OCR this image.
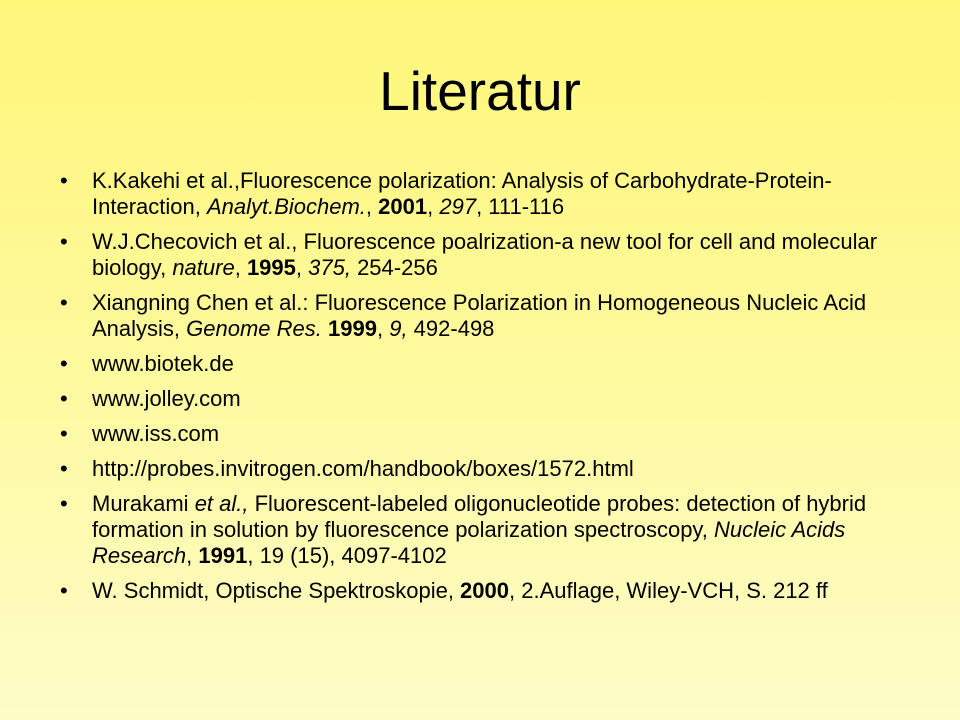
Literatur
• K.Kakehi et al.,Fluorescence polarization: Analysis of Carbohydrate-Protein-Interaction, Analyt.Biochem., 2001, 297, 111-116
• W.J.Checovich et al., Fluorescence poalrization-a new tool for cell and molecular biology, nature, 1995, 375, 254-256
• Xiangning Chen et al.: Fluorescence Polarization in Homogeneous Nucleic Acid Analysis, Genome Res. 1999, 9, 492-498
• www.biotek.de
• www.jolley.com
• www.iss.com
• http://probes.invitrogen.com/handbook/boxes/1572.html
• Murakami et al., Fluorescent-labeled oligonucleotide probes: detection of hybrid formation in solution by fluorescence polarization spectroscopy, Nucleic Acids Research, 1991, 19 (15), 4097-4102
• W. Schmidt, Optische Spektroskopie, 2000, 2.Auflage, Wiley-VCH, S. 212 ff
